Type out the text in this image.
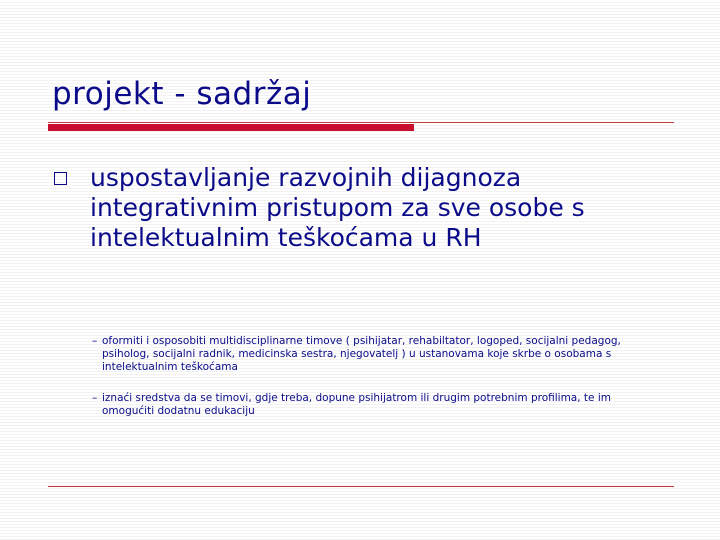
projekt - sadržaj
uspostavljanje razvojnih dijagnoza integrativnim pristupom za sve osobe s intelektualnim teškoćama u RH
– oformiti i osposobiti multidisciplinarne timove ( psihijatar, rehabiltator, logoped, socijalni pedagog, psiholog, socijalni radnik, medicinska sestra, njegovatelj ) u ustanovama koje skrbe o osobama s intelektualnim teškoćama
– iznaći sredstva da se timovi, gdje treba, dopune psihijatrom ili drugim potrebnim profilima, te im omogućiti dodatnu edukaciju
